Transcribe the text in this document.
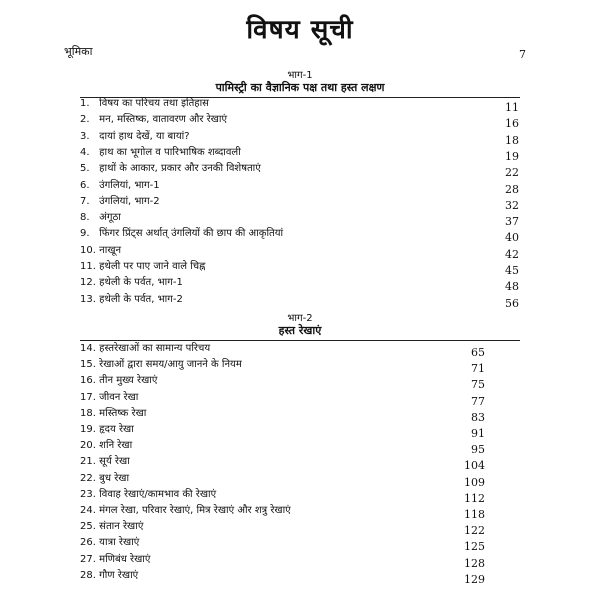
विषय सूची
भूमिका	7
भाग-1
पामिस्ट्री का वैज्ञानिक पक्ष तथा हस्त लक्षण
भाग-2
हस्त रेखाएं
1. विषय का परिचय तथा इतिहास	11
2. मन, मस्तिष्क, वातावरण और रेखाएं	16
3. दायां हाथ देखें, या बायां?	18
4. हाथ का भूगोल व पारिभाषिक शब्दावली	19
5. हाथों के आकार, प्रकार और उनकी विशेषताएं	22
6. उंगलियां, भाग-1	28
7. उंगलियां, भाग-2	32
8. अंगूठा	37
9. फिंगर प्रिंट्स अर्थात् उंगलियों की छाप की आकृतियां	40
10. नाखून	42
11. हथेली पर पाए जाने वाले चिह्न	45
12. हथेली के पर्वत, भाग-1	48
13. हथेली के पर्वत, भाग-2	56
14. हस्तरेखाओं का सामान्य परिचय	65
15. रेखाओं द्वारा समय/आयु जानने के नियम	71
16. तीन मुख्य रेखाएं	75
17. जीवन रेखा	77
18. मस्तिष्क रेखा	83
19. हृदय रेखा	91
20. शनि रेखा	95
21. सूर्य रेखा	104
22. बुध रेखा	109
23. विवाह रेखाएं/कामभाव की रेखाएं	112
24. मंगल रेखा, परिवार रेखाएं, मित्र रेखाएं और शत्रु रेखाएं	118
25. संतान रेखाएं	122
26. यात्रा रेखाएं	125
27. मणिबंध रेखाएं	128
28. गौण रेखाएं	129
